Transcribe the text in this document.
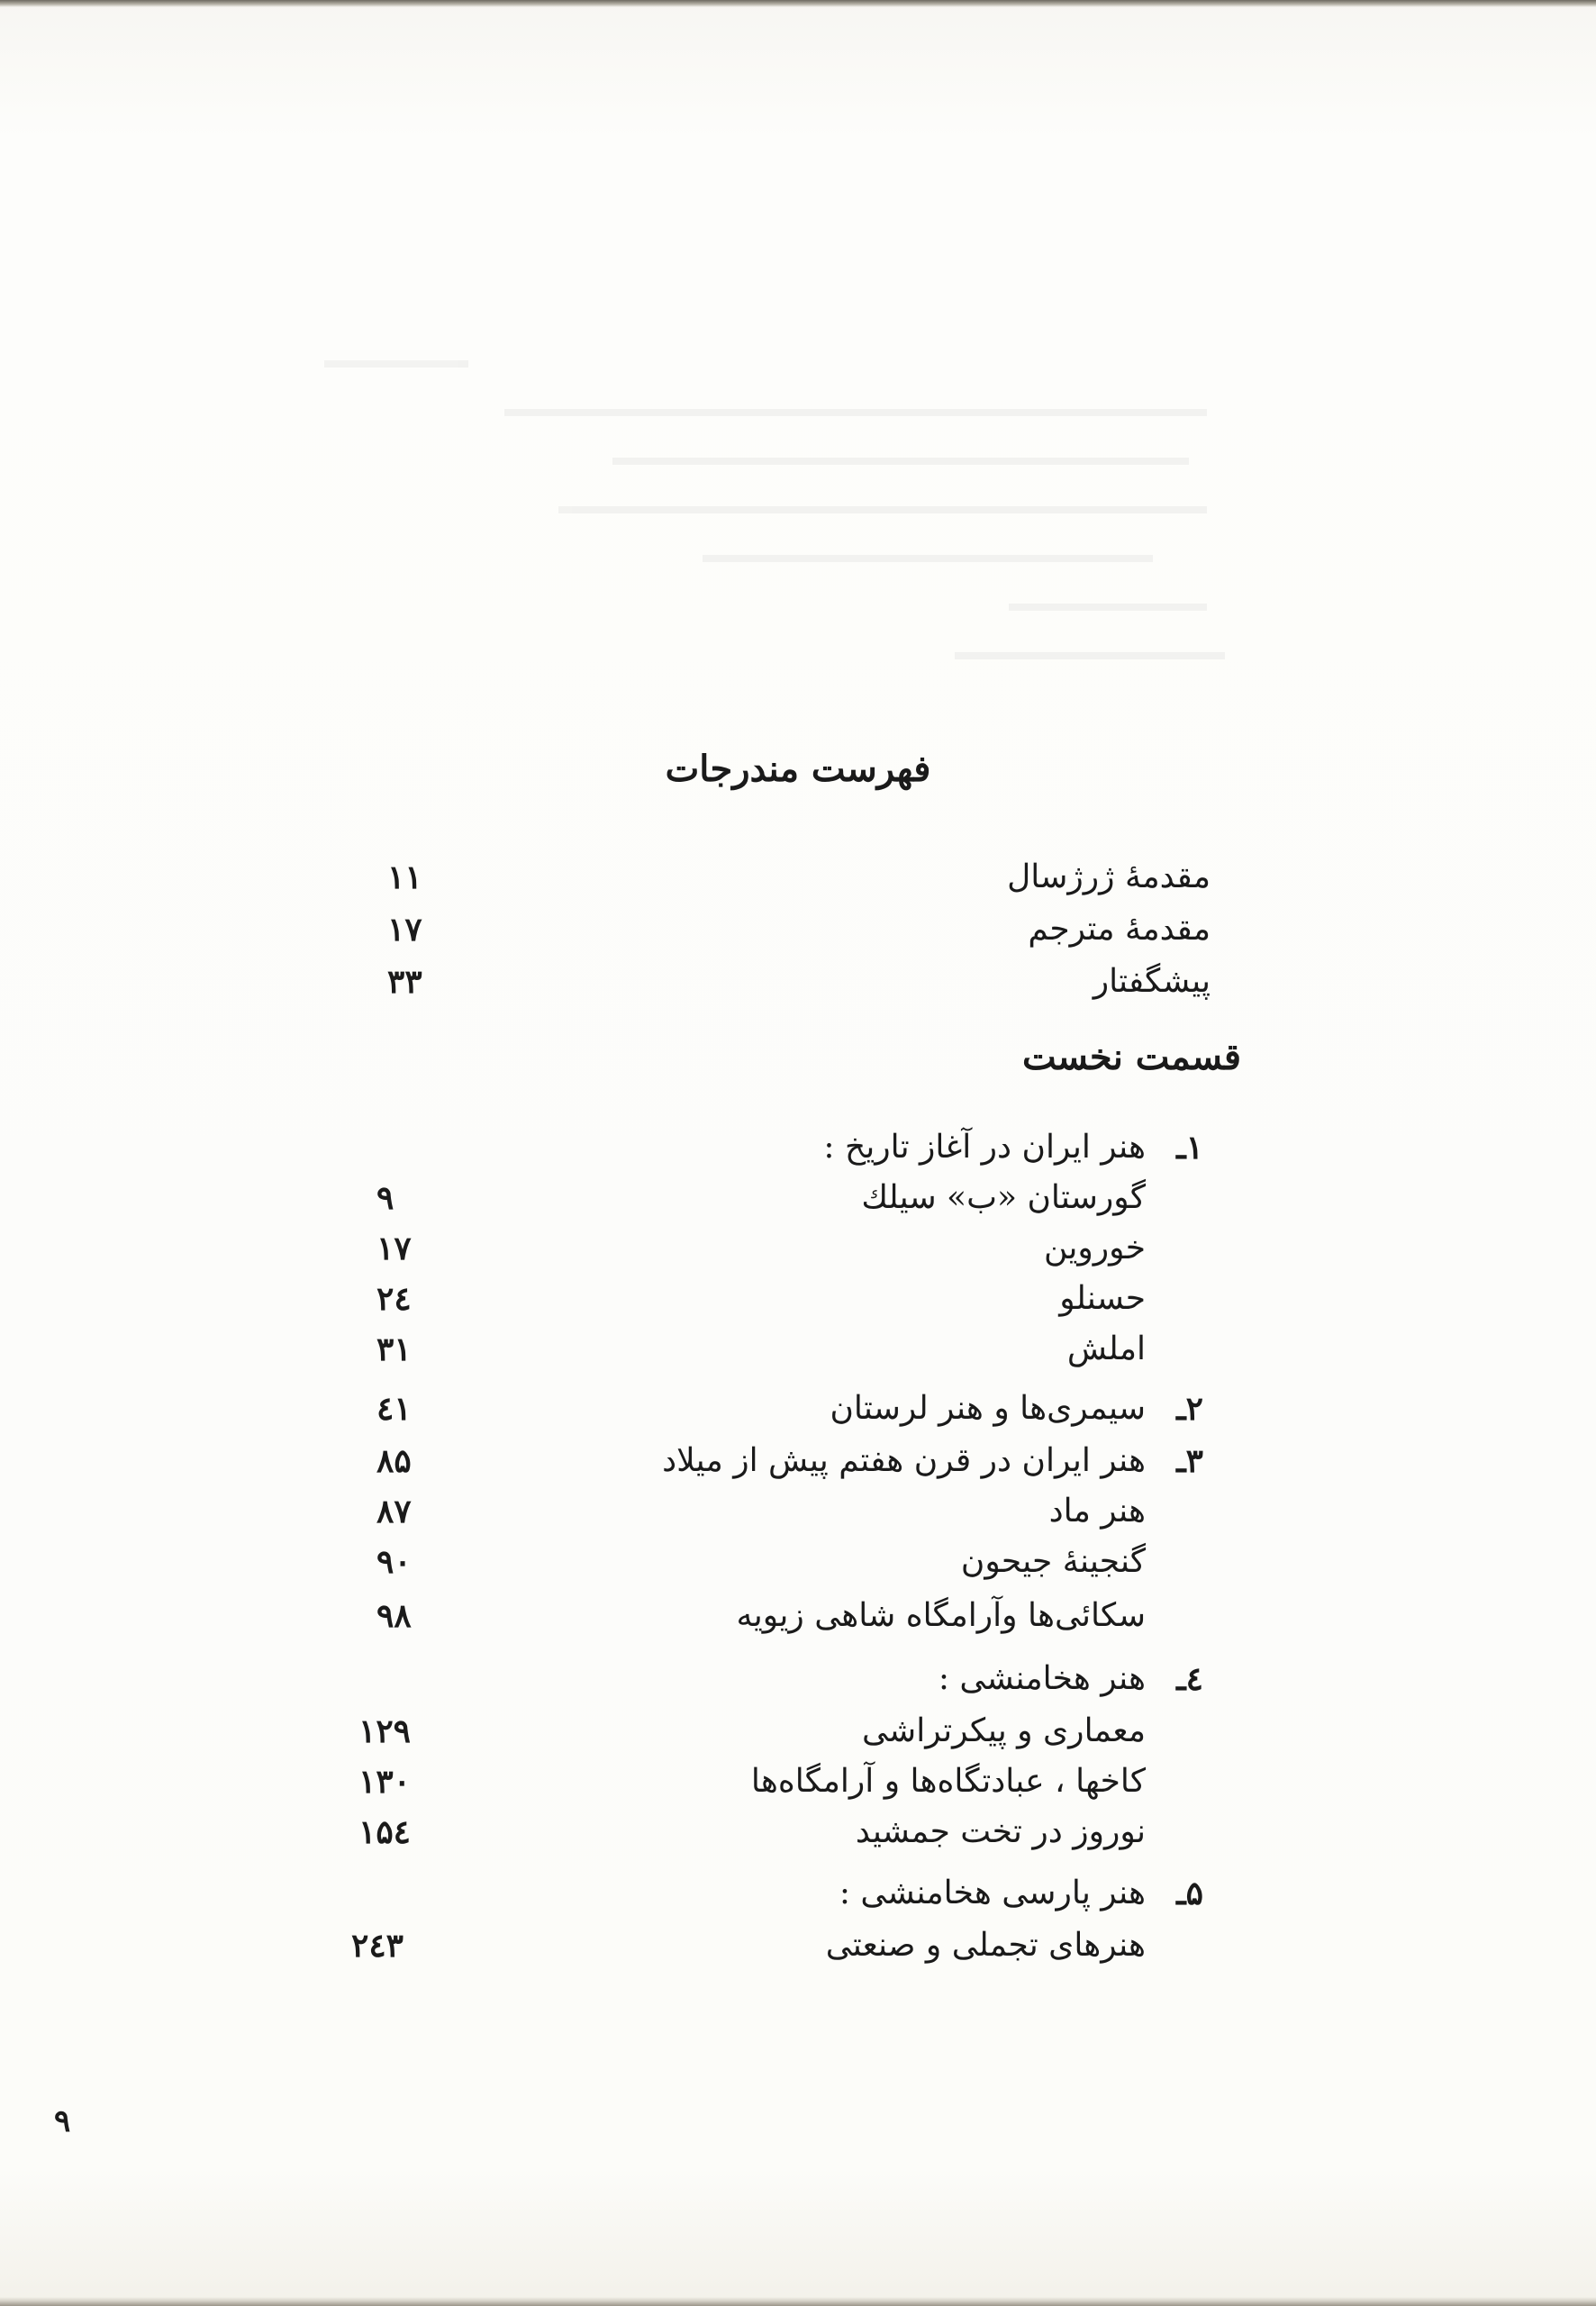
فهرست مندرجات
مقدمهٔ ژرژسال
۱۱
مقدمهٔ مترجم
۱۷
پیشگفتار
۳۳
قسمت نخست
۱ـ
هنر ایران در آغاز تاریخ :
گورستان «ب» سیلك
۹
خوروین
۱۷
حسنلو
۲٤
املش
۳۱
۲ـ
سیمری‌ها و هنر لرستان
٤۱
۳ـ
هنر ایران در قرن هفتم پیش از میلاد
۸۵
هنر ماد
۸۷
گنجینهٔ جیحون
۹۰
سکائی‌ها وآرامگاه شاهی زیویه
۹۸
٤ـ
هنر هخامنشی :
معماری و پیکرتراشی
۱۲۹
کاخها ، عبادتگاه‌ها و آرامگاه‌ها
۱۳۰
نوروز در تخت جمشید
۱۵٤
۵ـ
هنر پارسی هخامنشی :
هنرهای تجملی و صنعتی
۲٤۳
۹
